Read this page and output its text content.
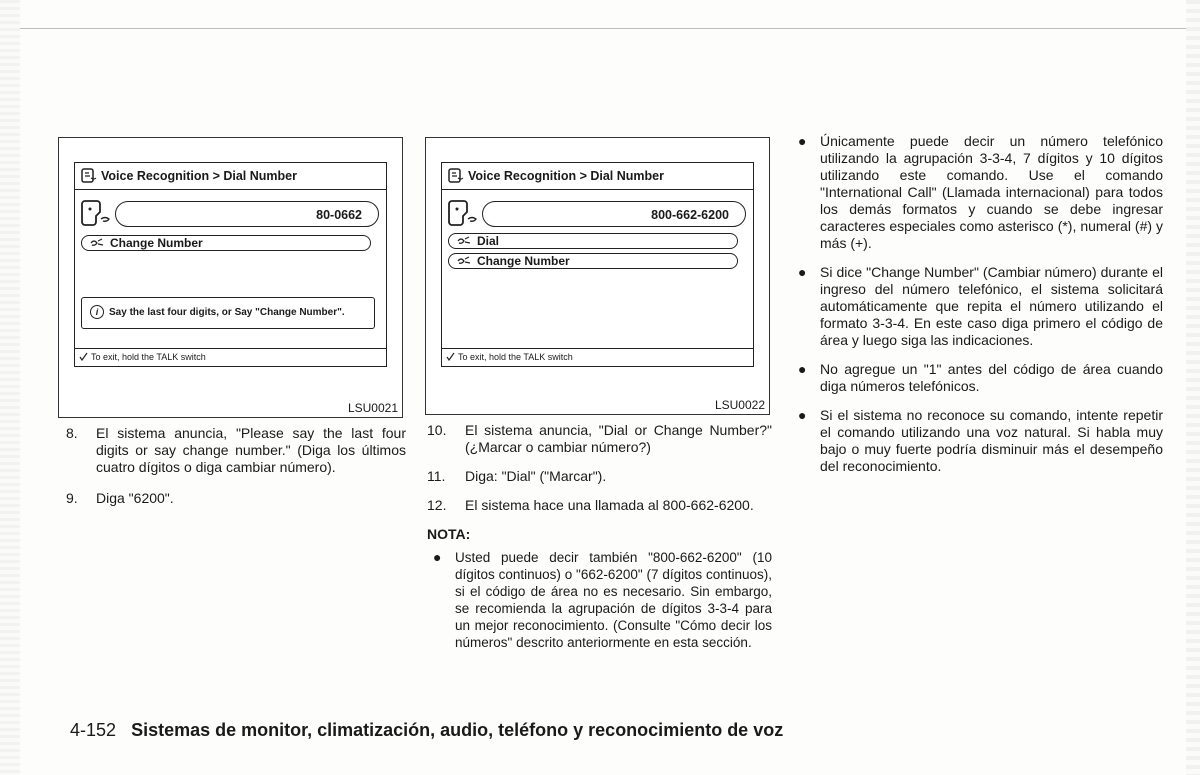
Voice Recognition > Dial Number
80-0662
Change Number
i Say the last four digits, or Say "Change Number".
To exit, hold the TALK switch
LSU0021
Voice Recognition > Dial Number
800-662-6200
Dial
Change Number
To exit, hold the TALK switch
LSU0022
8.	El sistema anuncia, "Please say the last four digits or say change number." (Diga los últimos cuatro dígitos o diga cambiar número).
9.	Diga "6200".
10.	El sistema anuncia, "Dial or Change Number?" (¿Marcar o cambiar número?)
11.	Diga: "Dial" ("Marcar").
12.	El sistema hace una llamada al 800-662-6200.
NOTA:
●	Usted puede decir también "800-662-6200" (10 dígitos continuos) o "662-6200" (7 dígitos continuos), si el código de área no es necesario. Sin embargo, se recomienda la agrupación de dígitos 3-3-4 para un mejor reconocimiento. (Consulte "Cómo decir los números" descrito anteriormente en esta sección.
● Únicamente puede decir un número telefónico utilizando la agrupación 3-3-4, 7 dígitos y 10 dígitos utilizando este comando. Use el comando "International Call" (Llamada internacional) para todos los demás formatos y cuando se debe ingresar caracteres especiales como asterisco (*), numeral (#) y más (+).
● Si dice "Change Number" (Cambiar número) durante el ingreso del número telefónico, el sistema solicitará automáticamente que repita el número utilizando el formato 3-3-4. En este caso diga primero el código de área y luego siga las indicaciones.
● No agregue un "1" antes del código de área cuando diga números telefónicos.
● Si el sistema no reconoce su comando, intente repetir el comando utilizando una voz natural. Si habla muy bajo o muy fuerte podría disminuir más el desempeño del reconocimiento.
4-152 Sistemas de monitor, climatización, audio, teléfono y reconocimiento de voz
